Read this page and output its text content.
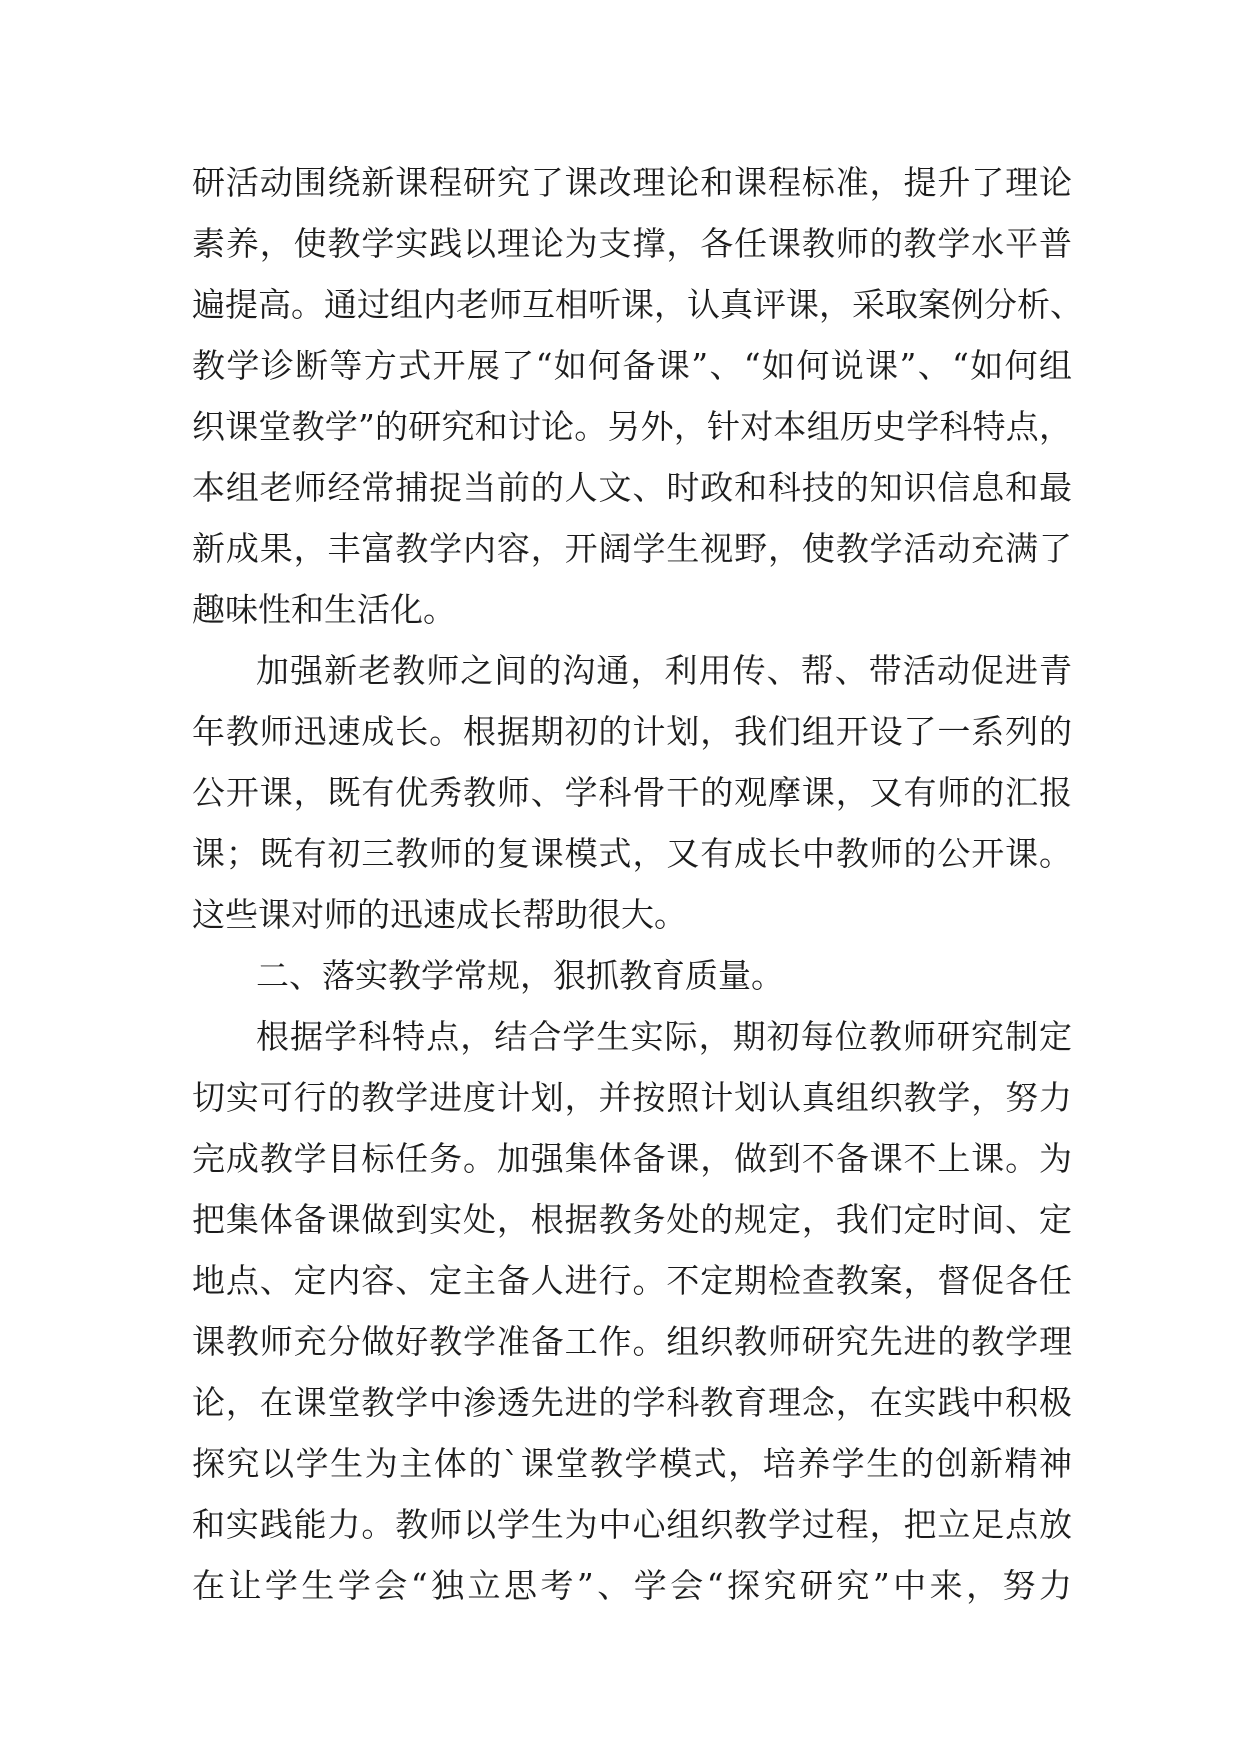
研活动围绕新课程研究了课改理论和课程标准，提升了理论
素养，使教学实践以理论为支撑，各任课教师的教学水平普
遍提高。通过组内老师互相听课，认真评课，采取案例分析、
教学诊断等方式开展了“如何备课”、“如何说课”、“如何组
织课堂教学”的研究和讨论。另外，针对本组历史学科特点，
本组老师经常捕捉当前的人文、时政和科技的知识信息和最
新成果，丰富教学内容，开阔学生视野，使教学活动充满了
趣味性和生活化。
加强新老教师之间的沟通，利用传、帮、带活动促进青
年教师迅速成长。根据期初的计划，我们组开设了一系列的
公开课，既有优秀教师、学科骨干的观摩课，又有师的汇报
课；既有初三教师的复课模式，又有成长中教师的公开课。
这些课对师的迅速成长帮助很大。
二、落实教学常规，狠抓教育质量。
根据学科特点，结合学生实际，期初每位教师研究制定
切实可行的教学进度计划，并按照计划认真组织教学，努力
完成教学目标任务。加强集体备课，做到不备课不上课。为
把集体备课做到实处，根据教务处的规定，我们定时间、定
地点、定内容、定主备人进行。不定期检查教案，督促各任
课教师充分做好教学准备工作。组织教师研究先进的教学理
论，在课堂教学中渗透先进的学科教育理念，在实践中积极
探究以学生为主体的`课堂教学模式，培养学生的创新精神
和实践能力。教师以学生为中心组织教学过程，把立足点放
在让学生学会“独立思考”、学会“探究研究”中来，努力
